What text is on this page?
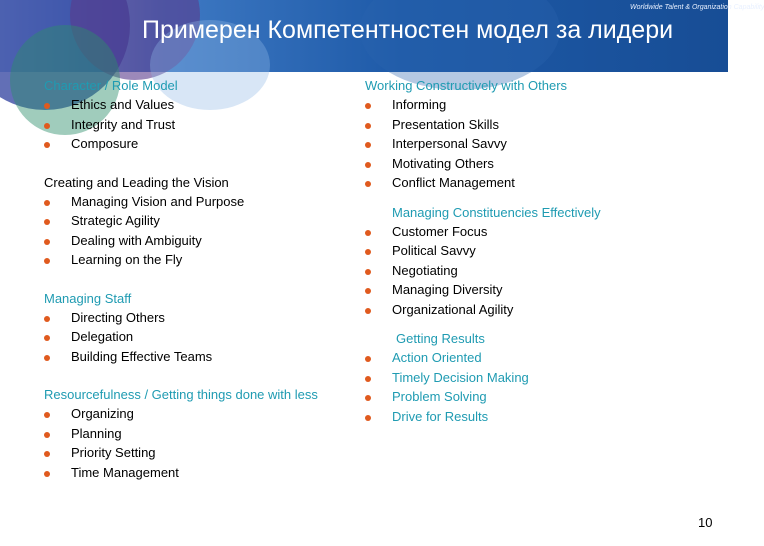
Примерен Компетентностен модел за лидери
Worldwide Talent & Organization Capability
Character / Role Model
Ethics and Values
Integrity and Trust
Composure
Creating and Leading the Vision
Managing Vision and Purpose
Strategic Agility
Dealing with Ambiguity
Learning on the Fly
Managing Staff
Directing Others
Delegation
Building Effective Teams
Resourcefulness / Getting things done with less
Organizing
Planning
Priority Setting
Time Management
Working Constructively with Others
Informing
Presentation Skills
Interpersonal Savvy
Motivating Others
Conflict Management
Managing Constituencies Effectively
Customer Focus
Political Savvy
Negotiating
Managing Diversity
Organizational Agility
Getting Results
Action Oriented
Timely Decision Making
Problem Solving
Drive for Results
10
